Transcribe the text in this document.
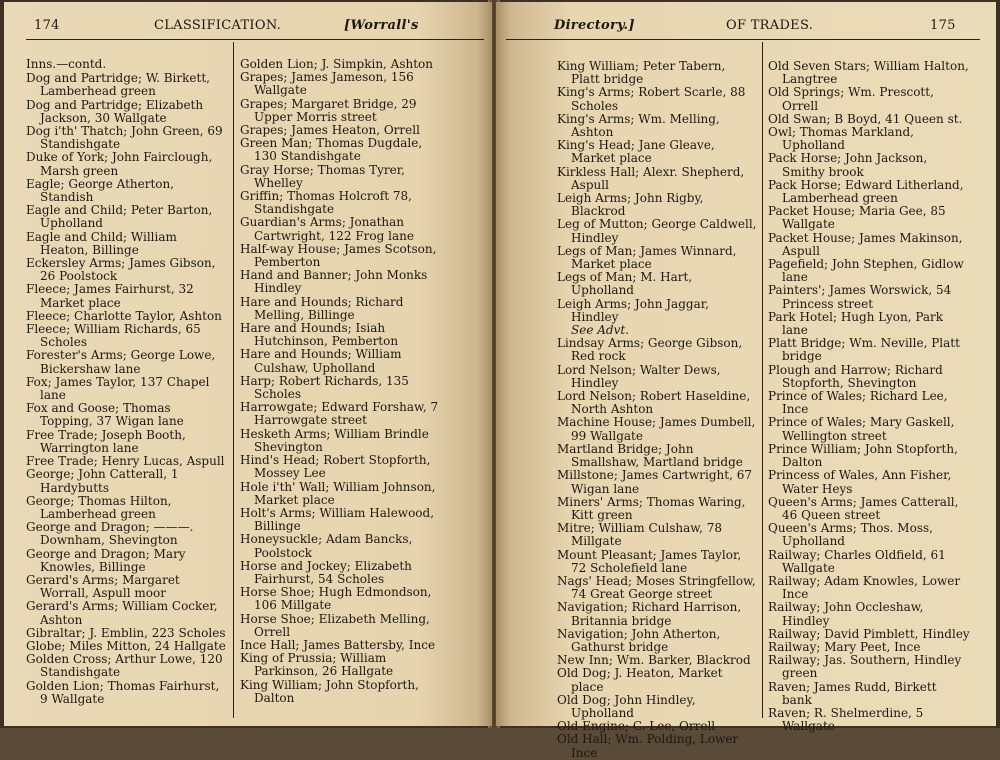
174	CLASSIFICATION.	[Worrall's
Inns.—contd.
Dog and Partridge; W. Birkett, Lamberhead green
Dog and Partridge; Elizabeth Jackson, 30 Wallgate
Dog i'th' Thatch; John Green, 69 Standishgate
Duke of York; John Fairclough, Marsh green
Eagle; George Atherton, Standish
Eagle and Child; Peter Barton, Upholland
Eagle and Child; William Heaton, Billinge
Eckersley Arms; James Gibson, 26 Poolstock
Fleece; James Fairhurst, 32 Market place
Fleece; Charlotte Taylor, Ashton
Fleece; William Richards, 65 Scholes
Forester's Arms; George Lowe, Bickershaw lane
Fox; James Taylor, 137 Chapel lane
Fox and Goose; Thomas Topping, 37 Wigan lane
Free Trade; Joseph Booth, Warrington lane
Free Trade; Henry Lucas, Aspull
George; John Catterall, 1 Hardybutts
George; Thomas Hilton, Lamberhead green
George and Dragon; ———. Downham, Shevington
George and Dragon; Mary Knowles, Billinge
Gerard's Arms; Margaret Worrall, Aspull moor
Gerard's Arms; William Cocker, Ashton
Gibraltar; J. Emblin, 223 Scholes
Globe; Miles Mitton, 24 Hallgate
Golden Cross; Arthur Lowe, 120 Standishgate
Golden Lion; Thomas Fairhurst, 9 Wallgate
Golden Lion; J. Simpkin, Ashton
Grapes; James Jameson, 156 Wallgate
Grapes; Margaret Bridge, 29 Upper Morris street
Grapes; James Heaton, Orrell
Green Man; Thomas Dugdale, 130 Standishgate
Gray Horse; Thomas Tyrer, Whelley
Griffin; Thomas Holcroft 78, Standishgate
Guardian's Arms; Jonathan Cartwright, 122 Frog lane
Half-way House; James Scotson, Pemberton
Hand and Banner; John Monks Hindley
Hare and Hounds; Richard Melling, Billinge
Hare and Hounds; Isiah Hutchinson, Pemberton
Hare and Hounds; William Culshaw, Upholland
Harp; Robert Richards, 135 Scholes
Harrowgate; Edward Forshaw, 7 Harrowgate street
Hesketh Arms; William Brindle Shevington
Hind's Head; Robert Stopforth, Mossey Lee
Hole i'th' Wall; William Johnson, Market place
Holt's Arms; William Halewood, Billinge
Honeysuckle; Adam Bancks, Poolstock
Horse and Jockey; Elizabeth Fairhurst, 54 Scholes
Horse Shoe; Hugh Edmondson, 106 Millgate
Horse Shoe; Elizabeth Melling, Orrell
Ince Hall; James Battersby, Ince
King of Prussia; William Parkinson, 26 Hallgate
King William; John Stopforth, Dalton
Directory.]	OF TRADES.	175
King William; Peter Tabern, Platt bridge
King's Arms; Robert Scarle, 88 Scholes
King's Arms; Wm. Melling, Ashton
King's Head; Jane Gleave, Market place
Kirkless Hall; Alexr. Shepherd, Aspull
Leigh Arms; John Rigby, Blackrod
Leg of Mutton; George Caldwell, Hindley
Legs of Man; James Winnard, Market place
Legs of Man; M. Hart, Upholland
Leigh Arms; John Jaggar, Hindley
See Advt.
Lindsay Arms; George Gibson, Red rock
Lord Nelson; Walter Dews, Hindley
Lord Nelson; Robert Haseldine, North Ashton
Machine House; James Dumbell, 99 Wallgate
Martland Bridge; John Smallshaw, Martland bridge
Millstone; James Cartwright, 67 Wigan lane
Miners' Arms; Thomas Waring, Kitt green
Mitre; William Culshaw, 78 Millgate
Mount Pleasant; James Taylor, 72 Scholefield lane
Nags' Head; Moses Stringfellow, 74 Great George street
Navigation; Richard Harrison, Britannia bridge
Navigation; John Atherton, Gathurst bridge
New Inn; Wm. Barker, Blackrod
Old Dog; J. Heaton, Market place
Old Dog; John Hindley, Upholland
Old Engine; C. Lee, Orrell
Old Hall; Wm. Polding, Lower Ince
Old Seven Stars; William Halton, Langtree
Old Springs; Wm. Prescott, Orrell
Old Swan; B Boyd, 41 Queen st.
Owl; Thomas Markland, Upholland
Pack Horse; John Jackson, Smithy brook
Pack Horse; Edward Litherland, Lamberhead green
Packet House; Maria Gee, 85 Wallgate
Packet House; James Makinson, Aspull
Pagefield; John Stephen, Gidlow lane
Painters'; James Worswick, 54 Princess street
Park Hotel; Hugh Lyon, Park lane
Platt Bridge; Wm. Neville, Platt bridge
Plough and Harrow; Richard Stopforth, Shevington
Prince of Wales; Richard Lee, Ince
Prince of Wales; Mary Gaskell, Wellington street
Prince William; John Stopforth, Dalton
Princess of Wales, Ann Fisher, Water Heys
Queen's Arms; James Catterall, 46 Queen street
Queen's Arms; Thos. Moss, Upholland
Railway; Charles Oldfield, 61 Wallgate
Railway; Adam Knowles, Lower Ince
Railway; John Occleshaw, Hindley
Railway; David Pimblett, Hindley
Railway; Mary Peet, Ince
Railway; Jas. Southern, Hindley green
Raven; James Rudd, Birkett bank
Raven; R. Shelmerdine, 5 Wallgate
